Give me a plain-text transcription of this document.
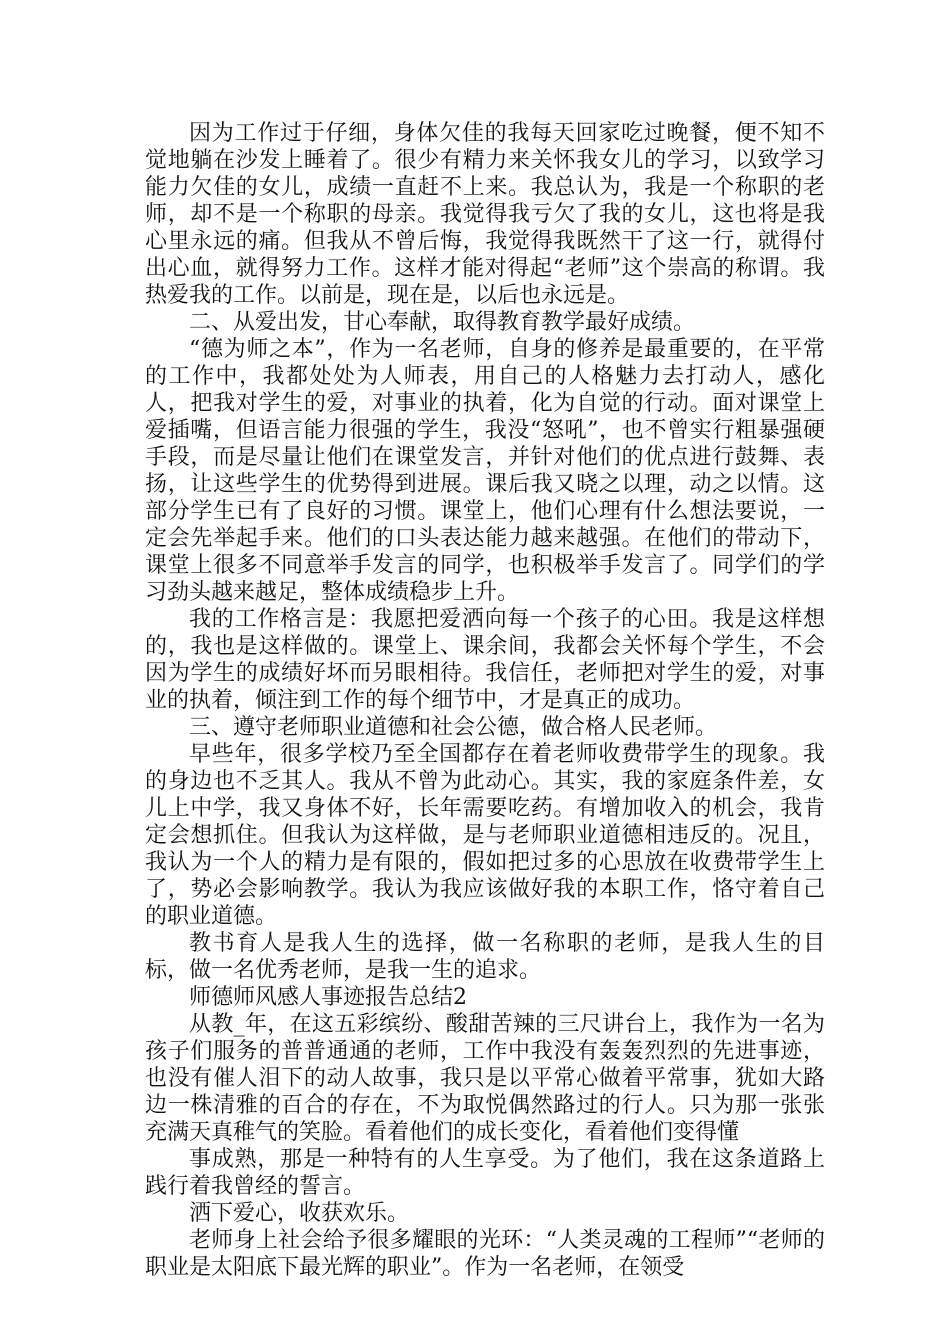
因为工作过于仔细，身体欠佳的我每天回家吃过晚餐，便不知不觉地躺在沙发上睡着了。很少有精力来关怀我女儿的学习，以致学习能力欠佳的女儿，成绩一直赶不上来。我总认为，我是一个称职的老师，却不是一个称职的母亲。我觉得我亏欠了我的女儿，这也将是我心里永远的痛。但我从不曾后悔，我觉得我既然干了这一行，就得付出心血，就得努力工作。这样才能对得起“老师”这个崇高的称谓。我热爱我的工作。以前是，现在是，以后也永远是。

二、从爱出发，甘心奉献，取得教育教学最好成绩。

“德为师之本”，作为一名老师，自身的修养是最重要的，在平常的工作中，我都处处为人师表，用自己的人格魅力去打动人，感化人，把我对学生的爱，对事业的执着，化为自觉的行动。面对课堂上爱插嘴，但语言能力很强的学生，我没“怒吼”，也不曾实行粗暴强硬手段，而是尽量让他们在课堂发言，并针对他们的优点进行鼓舞、表扬，让这些学生的优势得到进展。课后我又晓之以理，动之以情。这部分学生已有了良好的习惯。课堂上，他们心理有什么想法要说，一定会先举起手来。他们的口头表达能力越来越强。在他们的带动下，课堂上很多不同意举手发言的同学，也积极举手发言了。同学们的学习劲头越来越足，整体成绩稳步上升。

我的工作格言是：我愿把爱洒向每一个孩子的心田。我是这样想的，我也是这样做的。课堂上、课余间，我都会关怀每个学生，不会因为学生的成绩好坏而另眼相待。我信任，老师把对学生的爱，对事业的执着，倾注到工作的每个细节中，才是真正的成功。

三、遵守老师职业道德和社会公德，做合格人民老师。

早些年，很多学校乃至全国都存在着老师收费带学生的现象。我的身边也不乏其人。我从不曾为此动心。其实，我的家庭条件差，女儿上中学，我又身体不好，长年需要吃药。有增加收入的机会，我肯定会想抓住。但我认为这样做，是与老师职业道德相违反的。况且，我认为一个人的精力是有限的，假如把过多的心思放在收费带学生上了，势必会影响教学。我认为我应该做好我的本职工作，恪守着自己的职业道德。

教书育人是我人生的选择，做一名称职的老师，是我人生的目标，做一名优秀老师，是我一生的追求。

师德师风感人事迹报告总结2

从教_年，在这五彩缤纷、酸甜苦辣的三尺讲台上，我作为一名为孩子们服务的普普通通的老师，工作中我没有轰轰烈烈的先进事迹，也没有催人泪下的动人故事，我只是以平常心做着平常事，犹如大路边一株清雅的百合的存在，不为取悦偶然路过的行人。只为那一张张充满天真稚气的笑脸。看着他们的成长变化，看着他们变得懂

事成熟，那是一种特有的人生享受。为了他们，我在这条道路上践行着我曾经的誓言。

洒下爱心，收获欢乐。

老师身上社会给予很多耀眼的光环：“人类灵魂的工程师”“老师的职业是太阳底下最光辉的职业”。作为一名老师，在领受
